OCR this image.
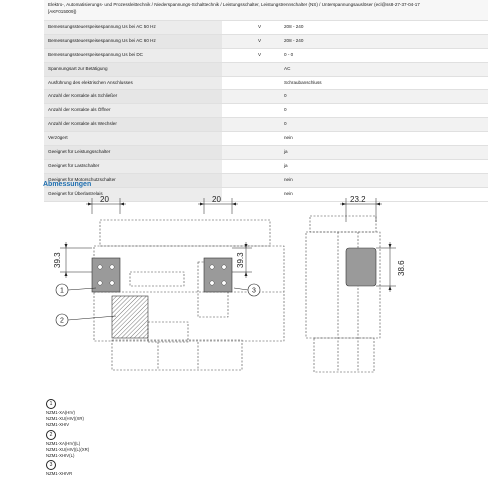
Elektro-, Automatisierungs- und Prozessleittechnik / Niederspannungs-Schalttechnik / Leistungsschalter, Leistungstrennschalter (NS) / Unterspannungsauslöser (ecl@ss8-27-37-04-17 [AKF015009])
Bemessungssteuerspeisespannung Us bei AC 50 Hz	V	208 - 240
Bemessungssteuerspeisespannung Us bei AC 60 Hz	V	208 - 240
Bemessungssteuerspeisespannung Us bei DC	V	0 - 0
Spannungsart zur Betätigung	AC
Ausführung des elektrischen Anschlusses	Schraubanschluss
Anzahl der Kontakte als Schließer	0
Anzahl der Kontakte als Öffner	0
Anzahl der Kontakte als Wechsler	0
Verzögert	nein
Geeignet für Leistungsschalter	ja
Geeignet für Lastschalter	ja
Geeignet für Motorschutzschalter	nein
Geeignet für Überlastrelais	nein
Abmessungen
20	20	23.2
39.3	39.3
38.6
1
2
3
1
NZM1-XA(HIV)
NZM1-XU(HIV)(XR)
NZM1-XHIV
2
NZM1-XA(HIV)(L)
NZM1-XU(HIV)(L)(XR)
NZM1-XHIV(L)
3
NZM1-XHIVR
